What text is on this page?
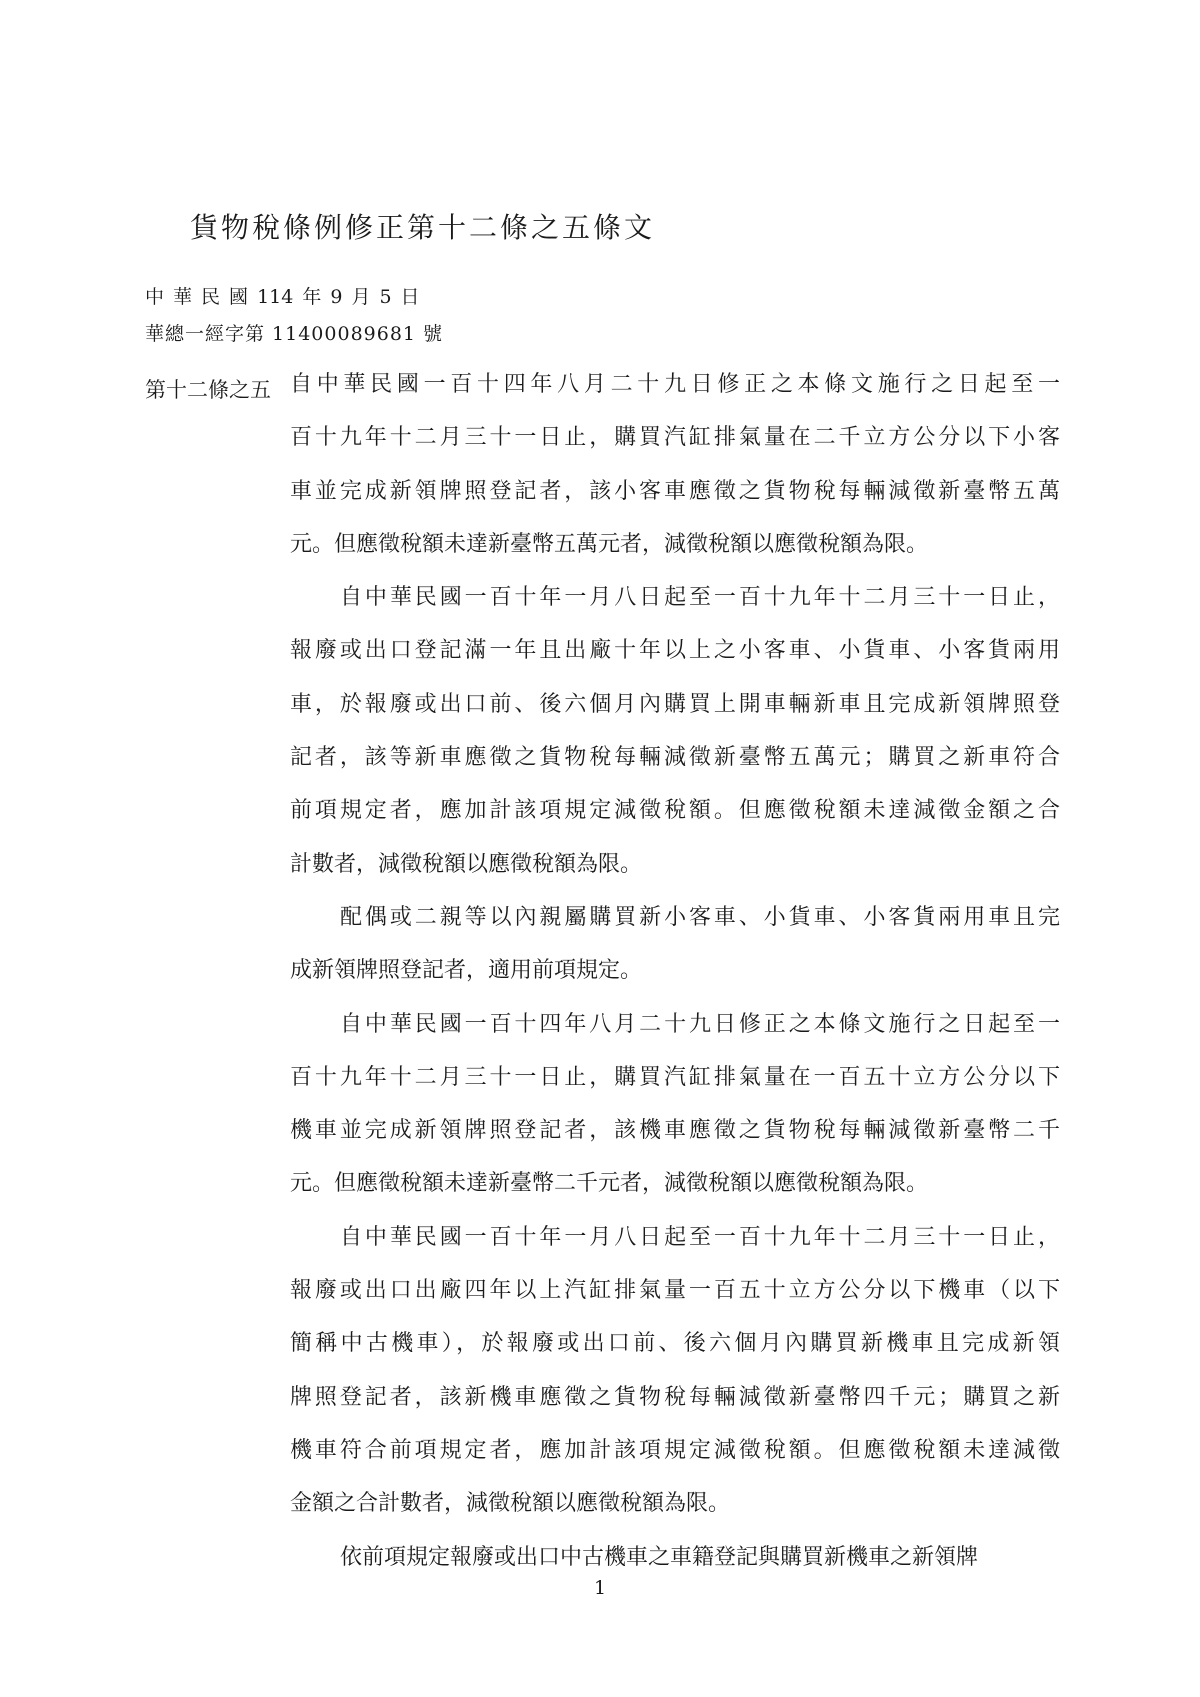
貨物稅條例修正第十二條之五條文
中 華 民 國 114 年 9 月 5 日
華總一經字第 11400089681 號
第十二條之五 自中華民國一百十四年八月二十九日修正之本條文施行之日起至一
百十九年十二月三十一日止，購買汽缸排氣量在二千立方公分以下小客
車並完成新領牌照登記者，該小客車應徵之貨物稅每輛減徵新臺幣五萬
元。但應徵稅額未達新臺幣五萬元者，減徵稅額以應徵稅額為限。
自中華民國一百十年一月八日起至一百十九年十二月三十一日止，
報廢或出口登記滿一年且出廠十年以上之小客車、小貨車、小客貨兩用
車，於報廢或出口前、後六個月內購買上開車輛新車且完成新領牌照登
記者，該等新車應徵之貨物稅每輛減徵新臺幣五萬元；購買之新車符合
前項規定者，應加計該項規定減徵稅額。但應徵稅額未達減徵金額之合
計數者，減徵稅額以應徵稅額為限。
配偶或二親等以內親屬購買新小客車、小貨車、小客貨兩用車且完
成新領牌照登記者，適用前項規定。
自中華民國一百十四年八月二十九日修正之本條文施行之日起至一
百十九年十二月三十一日止，購買汽缸排氣量在一百五十立方公分以下
機車並完成新領牌照登記者，該機車應徵之貨物稅每輛減徵新臺幣二千
元。但應徵稅額未達新臺幣二千元者，減徵稅額以應徵稅額為限。
自中華民國一百十年一月八日起至一百十九年十二月三十一日止，
報廢或出口出廠四年以上汽缸排氣量一百五十立方公分以下機車（以下
簡稱中古機車），於報廢或出口前、後六個月內購買新機車且完成新領
牌照登記者，該新機車應徵之貨物稅每輛減徵新臺幣四千元；購買之新
機車符合前項規定者，應加計該項規定減徵稅額。但應徵稅額未達減徵
金額之合計數者，減徵稅額以應徵稅額為限。
依前項規定報廢或出口中古機車之車籍登記與購買新機車之新領牌
1
